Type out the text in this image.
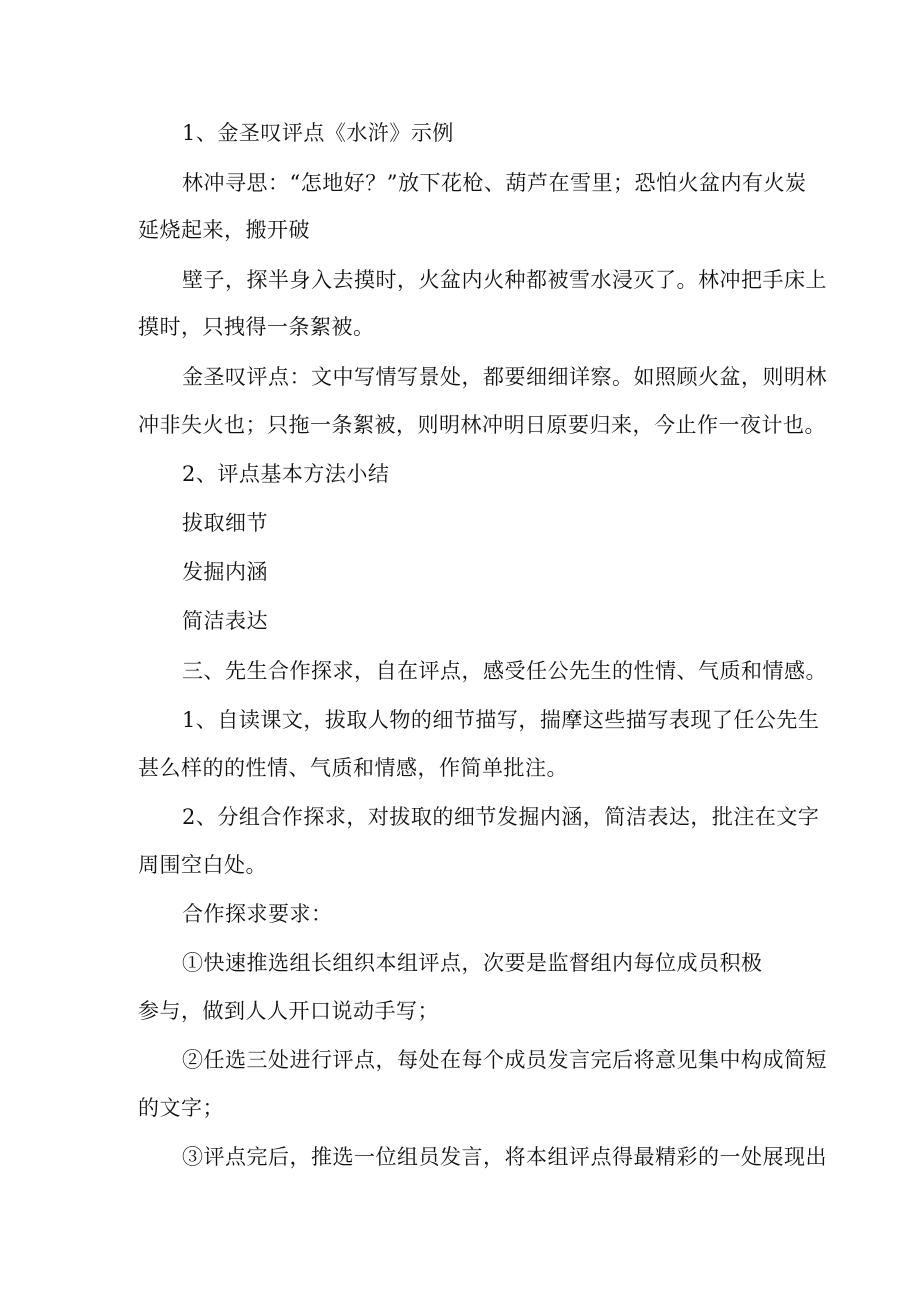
1、金圣叹评点《水浒》示例
林冲寻思：“怎地好？”放下花枪、葫芦在雪里；恐怕火盆内有火炭
延烧起来，搬开破
壁子，探半身入去摸时，火盆内火种都被雪水浸灭了。林冲把手床上
摸时，只拽得一条絮被。
金圣叹评点：文中写情写景处，都要细细详察。如照顾火盆，则明林
冲非失火也；只拖一条絮被，则明林冲明日原要归来，今止作一夜计也。
2、评点基本方法小结
拔取细节
发掘内涵
简洁表达
三、先生合作探求，自在评点，感受任公先生的性情、气质和情感。
1、自读课文，拔取人物的细节描写，揣摩这些描写表现了任公先生
甚么样的的性情、气质和情感，作简单批注。
2、分组合作探求，对拔取的细节发掘内涵，简洁表达，批注在文字
周围空白处。
合作探求要求：
①快速推选组长组织本组评点，次要是监督组内每位成员积极
参与，做到人人开口说动手写；
②任选三处进行评点，每处在每个成员发言完后将意见集中构成简短
的文字；
③评点完后，推选一位组员发言，将本组评点得最精彩的一处展现出
